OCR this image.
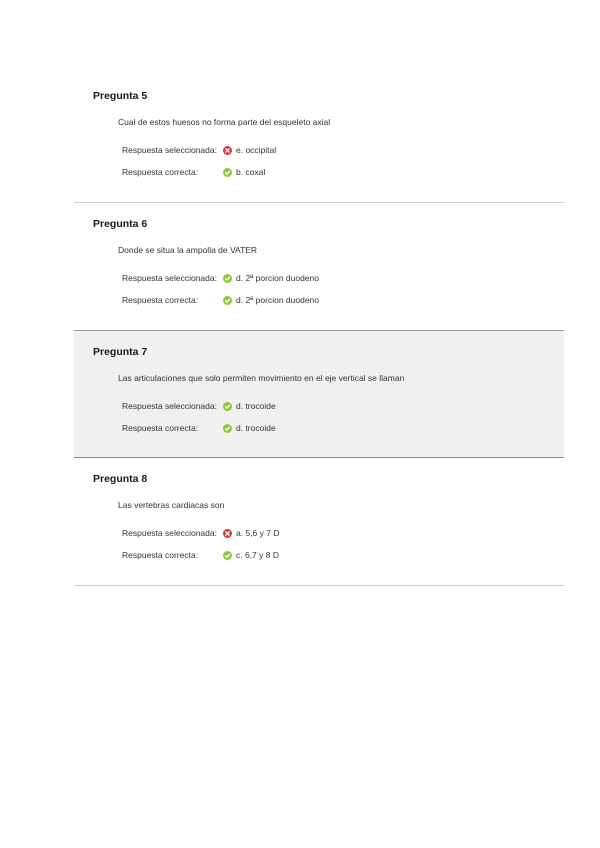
Pregunta 5
Cual de estos huesos no forma parte del esqueleto axial
Respuesta seleccionada:	e. occipital
Respuesta correcta:	b. coxal
Pregunta 6
Donde se situa la ampolla de VATER
Respuesta seleccionada:	d. 2ª porcion duodeno
Respuesta correcta:	d. 2ª porcion duodeno
Pregunta 7
Las articulaciones que solo permiten movimiento en el eje vertical se llaman
Respuesta seleccionada:	d. trocoide
Respuesta correcta:	d. trocoide
Pregunta 8
Las vertebras cardiacas son
Respuesta seleccionada:	a. 5,6 y 7 D
Respuesta correcta:	c. 6,7 y 8 D
